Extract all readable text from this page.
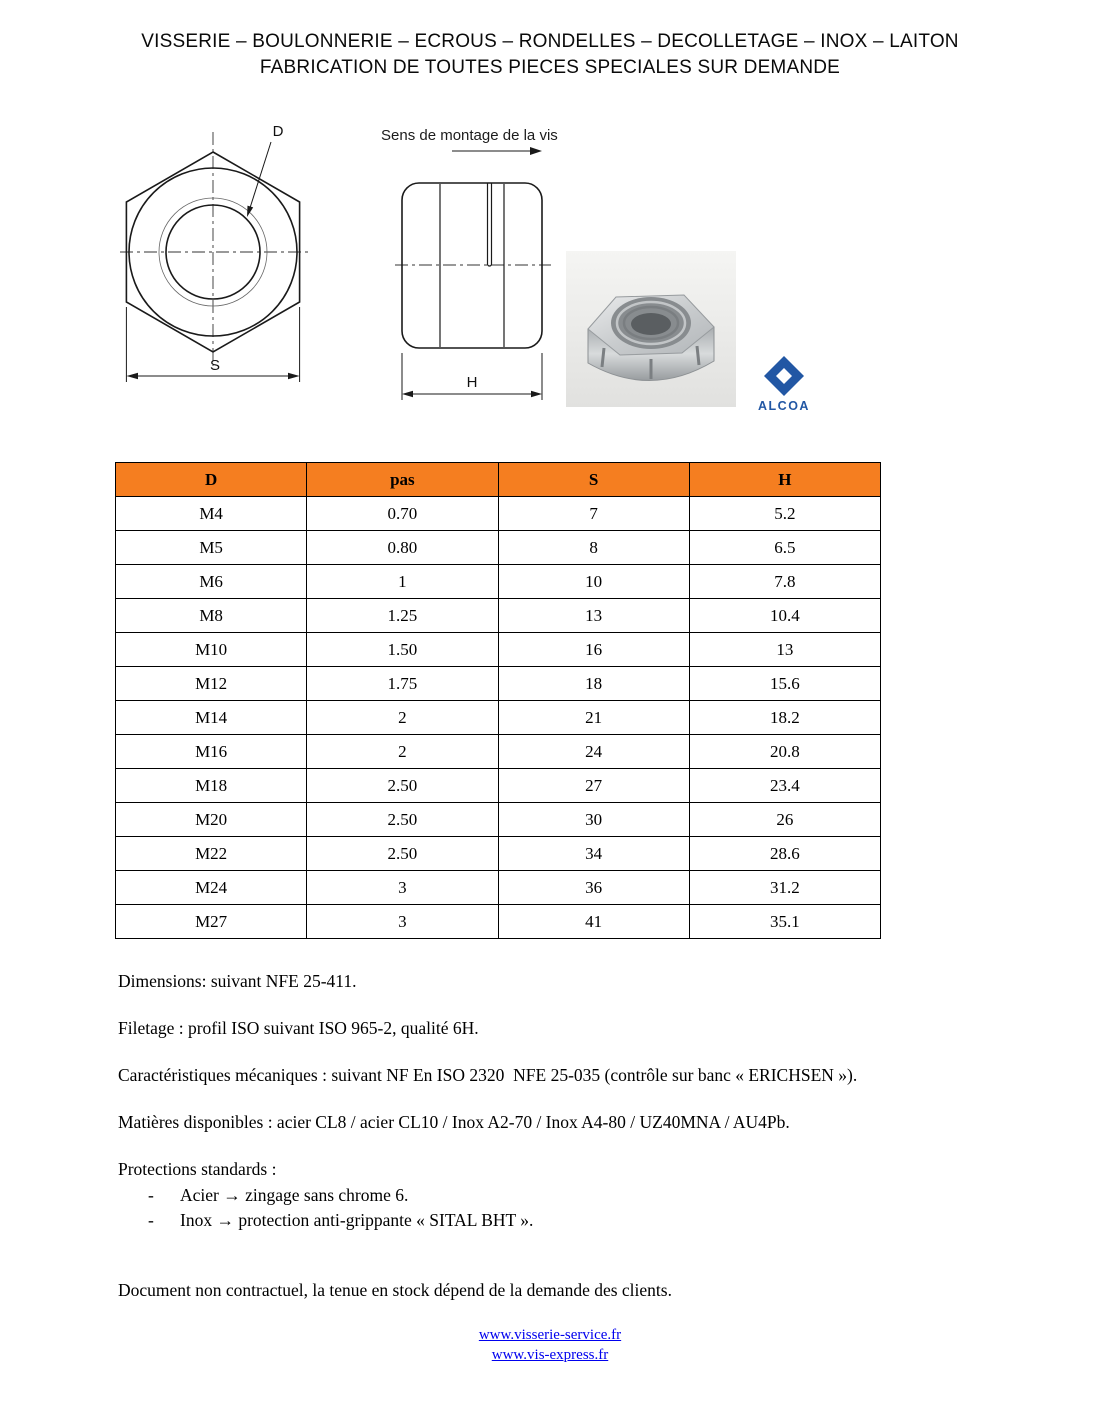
VISSERIE – BOULONNERIE – ECROUS – RONDELLES – DECOLLETAGE – INOX – LAITON
FABRICATION DE TOUTES PIECES SPECIALES SUR DEMANDE
D
S
Sens de montage de la vis
H
ALCOA
D	pas	S	H
M4	0.70	7	5.2
M5	0.80	8	6.5
M6	1	10	7.8
M8	1.25	13	10.4
M10	1.50	16	13
M12	1.75	18	15.6
M14	2	21	18.2
M16	2	24	20.8
M18	2.50	27	23.4
M20	2.50	30	26
M22	2.50	34	28.6
M24	3	36	31.2
M27	3	41	35.1

Dimensions: suivant NFE 25-411.

Filetage : profil ISO suivant ISO 965-2, qualité 6H.

Caractéristiques mécaniques : suivant NF En ISO 2320  NFE 25-035 (contrôle sur banc « ERICHSEN »).

Matières disponibles : acier CL8 / acier CL10 / Inox A2-70 / Inox A4-80 / UZ40MNA / AU4Pb.

Protections standards :

-	Acier → zingage sans chrome 6.
-	Inox → protection anti-grippante « SITAL BHT ».

Document non contractuel, la tenue en stock dépend de la demande des clients.

www.visserie-service.fr
www.vis-express.fr
